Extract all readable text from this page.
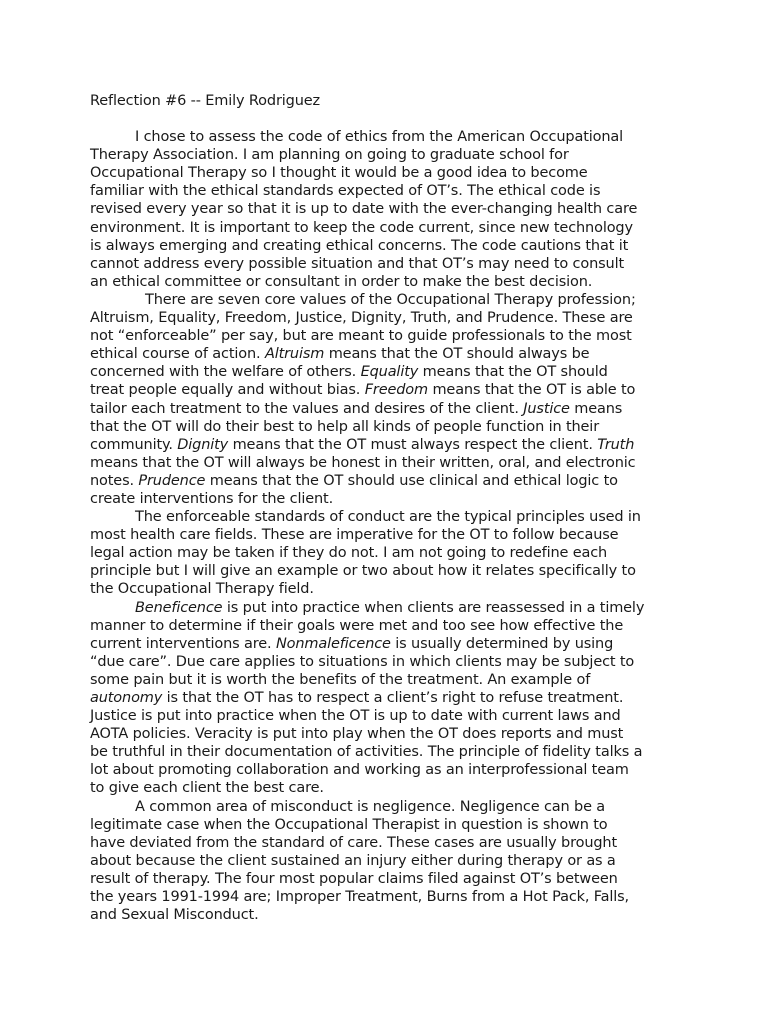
Reflection #6 -- Emily Rodriguez
I chose to assess the code of ethics from the American Occupational
Therapy Association. I am planning on going to graduate school for
Occupational Therapy so I thought it would be a good idea to become
familiar with the ethical standards expected of OT’s. The ethical code is
revised every year so that it is up to date with the ever-changing health care
environment. It is important to keep the code current, since new technology
is always emerging and creating ethical concerns. The code cautions that it
cannot address every possible situation and that OT’s may need to consult
an ethical committee or consultant in order to make the best decision.
There are seven core values of the Occupational Therapy profession;
Altruism, Equality, Freedom, Justice, Dignity, Truth, and Prudence. These are
not “enforceable” per say, but are meant to guide professionals to the most
ethical course of action. Altruism means that the OT should always be
concerned with the welfare of others. Equality means that the OT should
treat people equally and without bias. Freedom means that the OT is able to
tailor each treatment to the values and desires of the client. Justice means
that the OT will do their best to help all kinds of people function in their
community. Dignity means that the OT must always respect the client. Truth
means that the OT will always be honest in their written, oral, and electronic
notes. Prudence means that the OT should use clinical and ethical logic to
create interventions for the client.
The enforceable standards of conduct are the typical principles used in
most health care fields. These are imperative for the OT to follow because
legal action may be taken if they do not. I am not going to redefine each
principle but I will give an example or two about how it relates specifically to
the Occupational Therapy field.
Beneficence is put into practice when clients are reassessed in a timely
manner to determine if their goals were met and too see how effective the
current interventions are. Nonmaleficence is usually determined by using
“due care”. Due care applies to situations in which clients may be subject to
some pain but it is worth the benefits of the treatment. An example of
autonomy is that the OT has to respect a client’s right to refuse treatment.
Justice is put into practice when the OT is up to date with current laws and
AOTA policies. Veracity is put into play when the OT does reports and must
be truthful in their documentation of activities. The principle of fidelity talks a
lot about promoting collaboration and working as an interprofessional team
to give each client the best care.
A common area of misconduct is negligence. Negligence can be a
legitimate case when the Occupational Therapist in question is shown to
have deviated from the standard of care. These cases are usually brought
about because the client sustained an injury either during therapy or as a
result of therapy. The four most popular claims filed against OT’s between
the years 1991-1994 are; Improper Treatment, Burns from a Hot Pack, Falls,
and Sexual Misconduct.
